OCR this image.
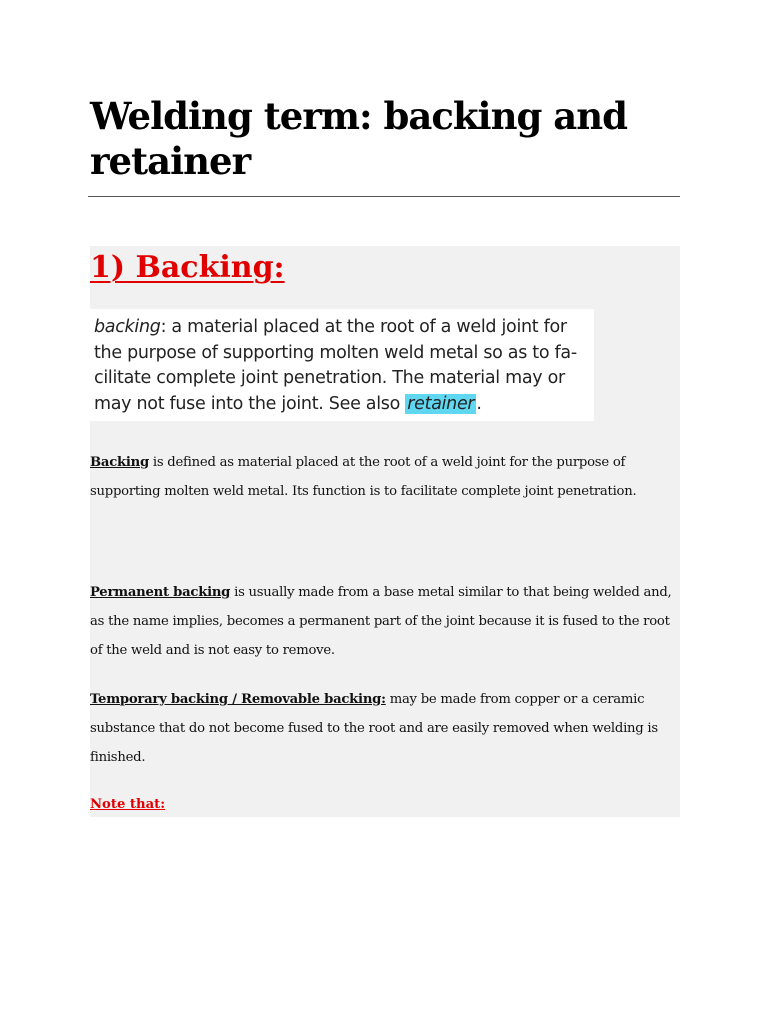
Welding term: backing and retainer
1) Backing:
backing: a material placed at the root of a weld joint for the purpose of supporting molten weld metal so as to fa- cilitate complete joint penetration. The material may or may not fuse into the joint. See also retainer .

Backing is defined as material placed at the root of a weld joint for the purpose of supporting molten weld metal. Its function is to facilitate complete joint penetration.

Permanent backing is usually made from a base metal similar to that being welded and, as the name implies, becomes a permanent part of the joint because it is fused to the root of the weld and is not easy to remove.

Temporary backing / Removable backing: may be made from copper or a ceramic substance that do not become fused to the root and are easily removed when welding is finished.

Note that:
